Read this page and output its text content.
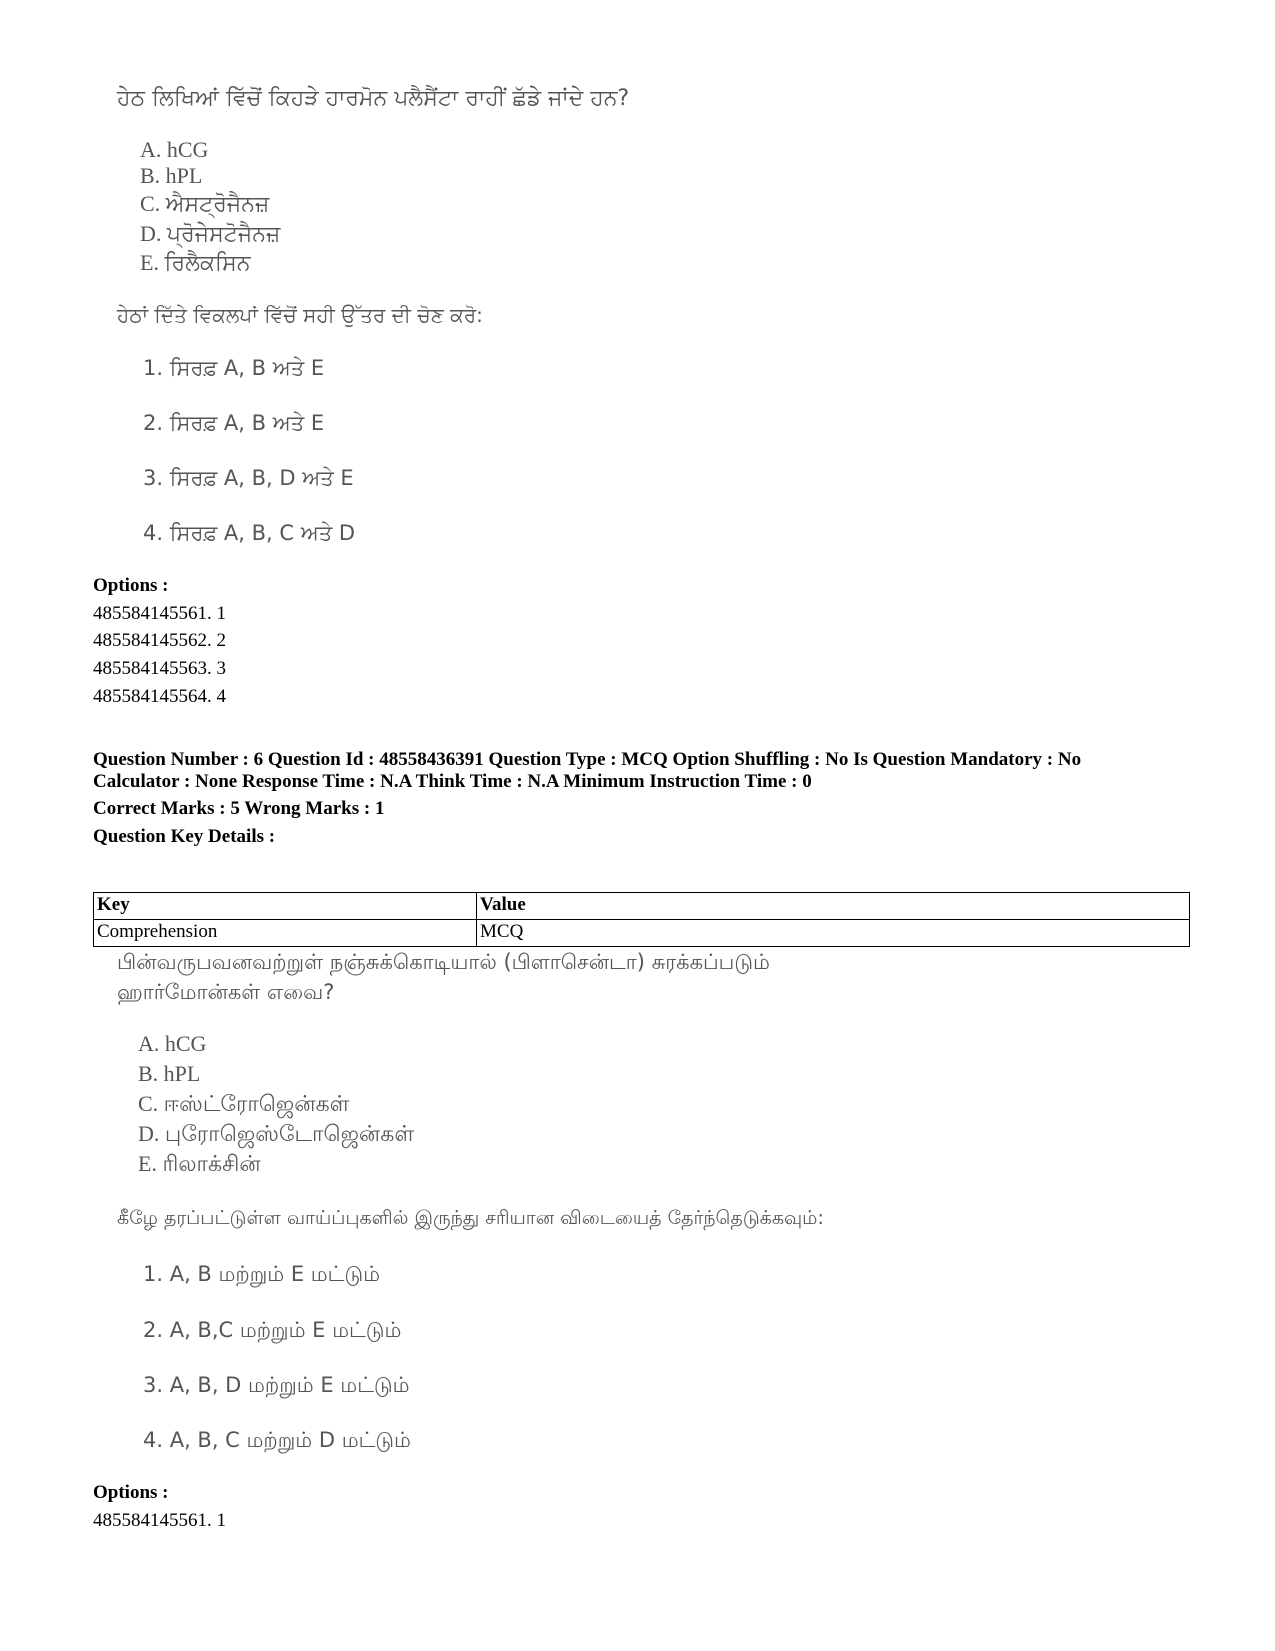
ਹੇਠ ਲਿਖਿਆਂ ਵਿੱਚੋਂ ਕਿਹੜੇ ਹਾਰਮੋਨ ਪਲੈਸੈਂਟਾ ਰਾਹੀਂ ਛੱਡੇ ਜਾਂਦੇ ਹਨ?
A. hCG
B. hPL
C. ਐਸਟ੍ਰੋਜੈਨਜ਼
D. ਪ੍ਰੋਜੇਸਟੋਜੈਨਜ਼
E. ਰਿਲੈਕਸਿਨ
ਹੇਠਾਂ ਦਿੱਤੇ ਵਿਕਲਪਾਂ ਵਿੱਚੋਂ ਸਹੀ ਉੱਤਰ ਦੀ ਚੋਣ ਕਰੋ:
1. ਸਿਰਫ਼ A, B ਅਤੇ E
2. ਸਿਰਫ਼ A, B ਅਤੇ E
3. ਸਿਰਫ਼ A, B, D ਅਤੇ E
4. ਸਿਰਫ਼ A, B, C ਅਤੇ D
Options :
485584145561. 1
485584145562. 2
485584145563. 3
485584145564. 4
Question Number : 6 Question Id : 48558436391 Question Type : MCQ Option Shuffling : No Is Question Mandatory : No
Calculator : None Response Time : N.A Think Time : N.A Minimum Instruction Time : 0
Correct Marks : 5 Wrong Marks : 1
Question Key Details :
Key	Value
Comprehension	MCQ
பின்வருபவனவற்றுள் நஞ்சுக்கொடியால் (பிளாசென்டா) சுரக்கப்படும்
ஹார்மோன்கள் எவை?
A. hCG
B. hPL
C. ஈஸ்ட்ரோஜென்கள்
D. புரோஜெஸ்டோஜென்கள்
E. ரிலாக்சின்
கீழே தரப்பட்டுள்ள வாய்ப்புகளில் இருந்து சரியான விடையைத் தேர்ந்தெடுக்கவும்:
1. A, B மற்றும் E மட்டும்
2. A, B,C மற்றும் E மட்டும்
3. A, B, D மற்றும் E மட்டும்
4. A, B, C மற்றும் D மட்டும்
Options :
485584145561. 1
